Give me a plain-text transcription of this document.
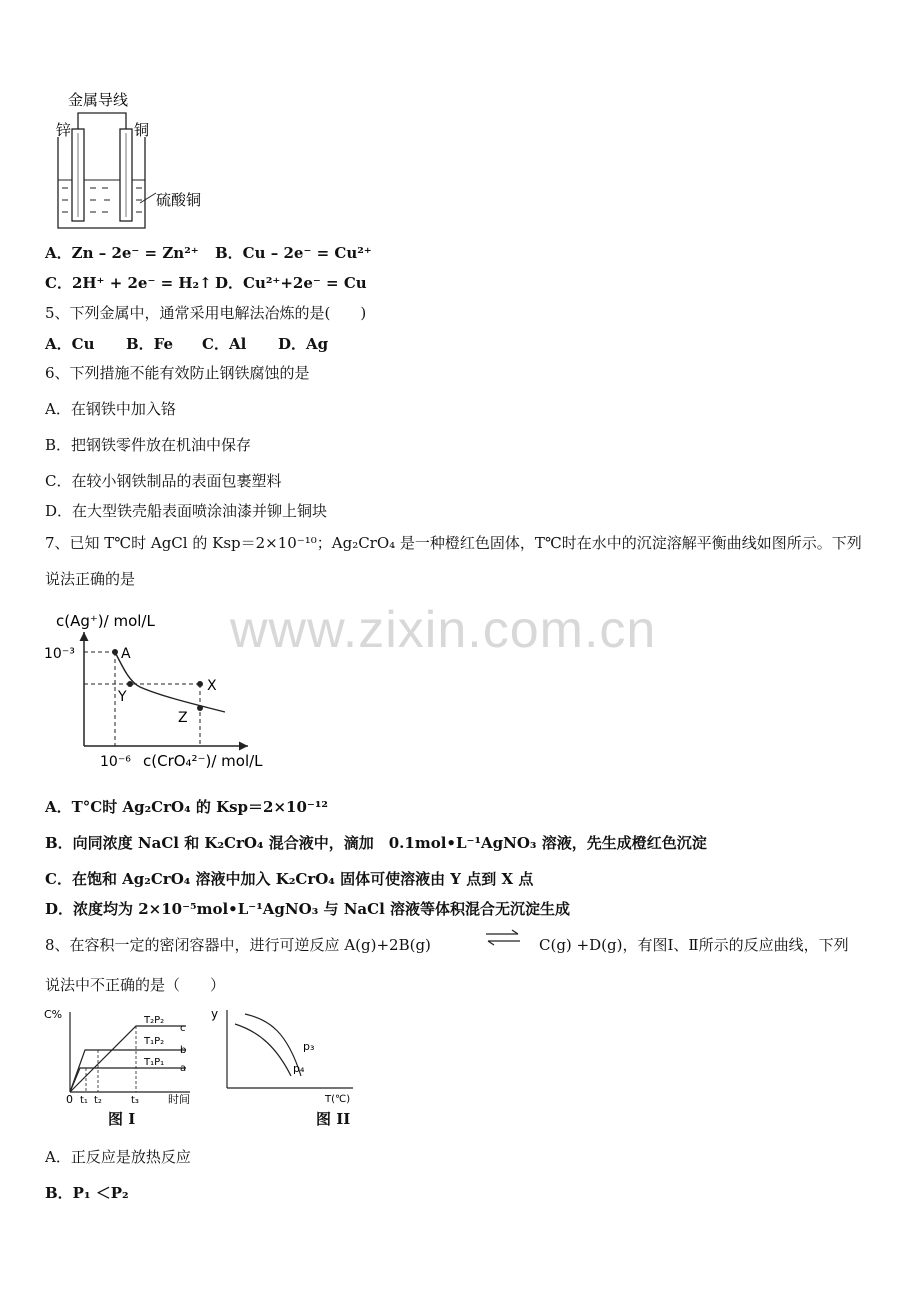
www.zixin.com.cn
金属导线
锌	铜
硫酸铜
A．Zn – 2e⁻ = Zn²⁺ B．Cu – 2e⁻ = Cu²⁺
C．2H⁺ + 2e⁻ = H₂↑ D．Cu²⁺+2e⁻ = Cu
5、下列金属中，通常采用电解法冶炼的是(　　)
A．Cu B．Fe C．Al D．Ag
6、下列措施不能有效防止钢铁腐蚀的是
A．在钢铁中加入铬
B．把钢铁零件放在机油中保存
C．在较小钢铁制品的表面包裹塑料
D．在大型铁壳船表面喷涂油漆并铆上铜块
7、已知 T℃时 AgCl 的 Ksp＝2×10⁻¹⁰；Ag₂CrO₄ 是一种橙红色固体，T℃时在水中的沉淀溶解平衡曲线如图所示。下列
说法正确的是
c(Ag⁺)/ mol/L
10⁻³
10⁻⁶ c(CrO₄²⁻)/ mol/L
A
Y
X
Z
A．T°C时 Ag₂CrO₄ 的 Ksp＝2×10⁻¹²
B．向同浓度 NaCl 和 K₂CrO₄ 混合液中，滴加　0.1mol•L⁻¹AgNO₃ 溶液，先生成橙红色沉淀
C．在饱和 Ag₂CrO₄ 溶液中加入 K₂CrO₄ 固体可使溶液由 Y 点到 X 点
D．浓度均为 2×10⁻⁵mol•L⁻¹AgNO₃ 与 NaCl 溶液等体积混合无沉淀生成
8、在容积一定的密闭容器中，进行可逆反应 A(g)+2B(g)	⇌ C(g) +D(g)，有图Ⅰ、Ⅱ所示的反应曲线，下列
说法中不正确的是（　　）
C%
0 t₁ t₂	t₃	时间
T₂P₂
T₁P₂
T₁P₁
c
b
a
图 I
y
p₃
p₄
T(℃)
图 II
A．正反应是放热反应
B．P₁ ＜P₂
